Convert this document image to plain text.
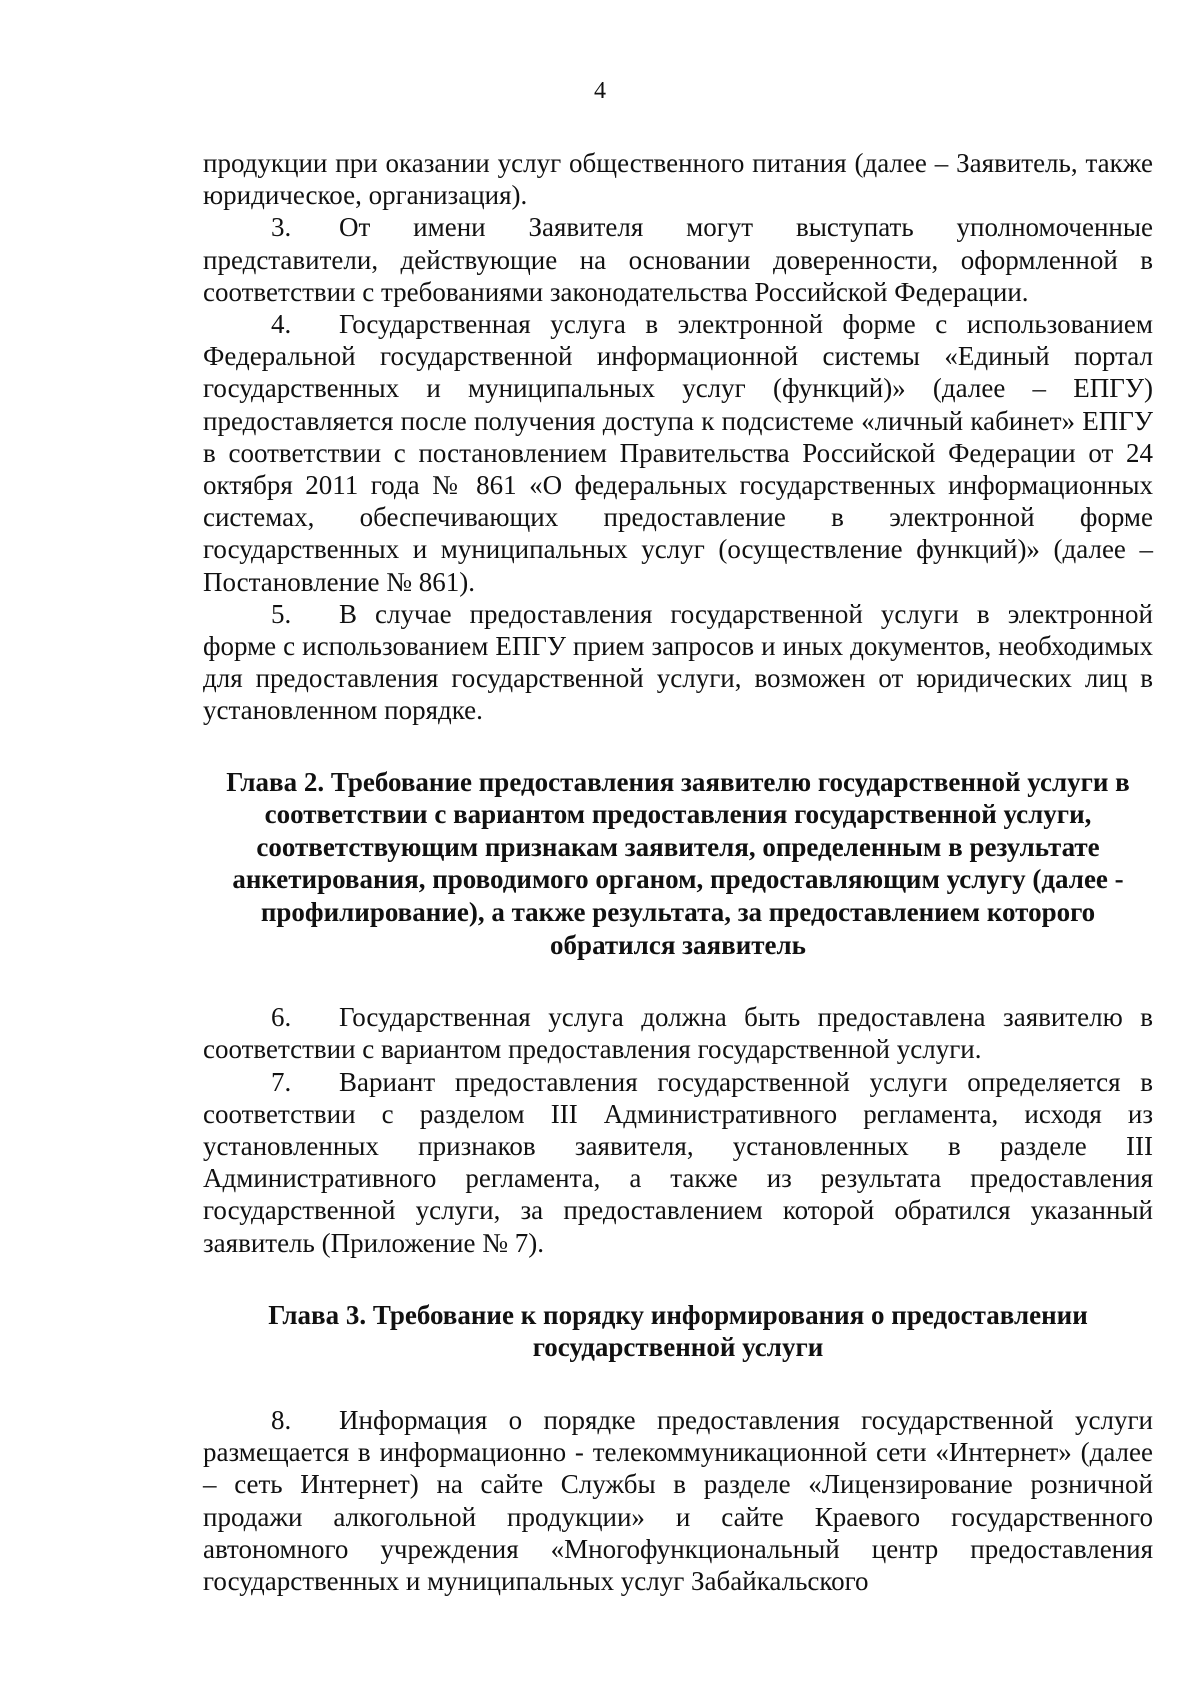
4

продукции при оказании услуг общественного питания (далее – Заявитель, также юридическое, организация).

3. От имени Заявителя могут выступать уполномоченные представители, действующие на основании доверенности, оформленной в соответствии с требованиями законодательства Российской Федерации.

4. Государственная услуга в электронной форме с использованием Федеральной государственной информационной системы «Единый портал государственных и муниципальных услуг (функций)» (далее – ЕПГУ) предоставляется после получения доступа к подсистеме «личный кабинет» ЕПГУ в соответствии с постановлением Правительства Российской Федерации от 24 октября 2011 года № 861 «О федеральных государственных информационных системах, обеспечивающих предоставление в электронной форме государственных и муниципальных услуг (осуществление функций)» (далее – Постановление № 861).

5. В случае предоставления государственной услуги в электронной форме с использованием ЕПГУ прием запросов и иных документов, необходимых для предоставления государственной услуги, возможен от юридических лиц в установленном порядке.

Глава 2. Требование предоставления заявителю государственной услуги в соответствии с вариантом предоставления государственной услуги, соответствующим признакам заявителя, определенным в результате анкетирования, проводимого органом, предоставляющим услугу (далее - профилирование), а также результата, за предоставлением которого обратился заявитель

6. Государственная услуга должна быть предоставлена заявителю в соответствии с вариантом предоставления государственной услуги.

7. Вариант предоставления государственной услуги определяется в соответствии с разделом III Административного регламента, исходя из установленных признаков заявителя, установленных в разделе III Административного регламента, а также из результата предоставления государственной услуги, за предоставлением которой обратился указанный заявитель (Приложение № 7).

Глава 3. Требование к порядку информирования о предоставлении государственной услуги

8. Информация о порядке предоставления государственной услуги размещается в информационно - телекоммуникационной сети «Интернет» (далее – сеть Интернет) на сайте Службы в разделе «Лицензирование розничной продажи алкогольной продукции» и сайте Краевого государственного автономного учреждения «Многофункциональный центр предоставления государственных и муниципальных услуг Забайкальского
